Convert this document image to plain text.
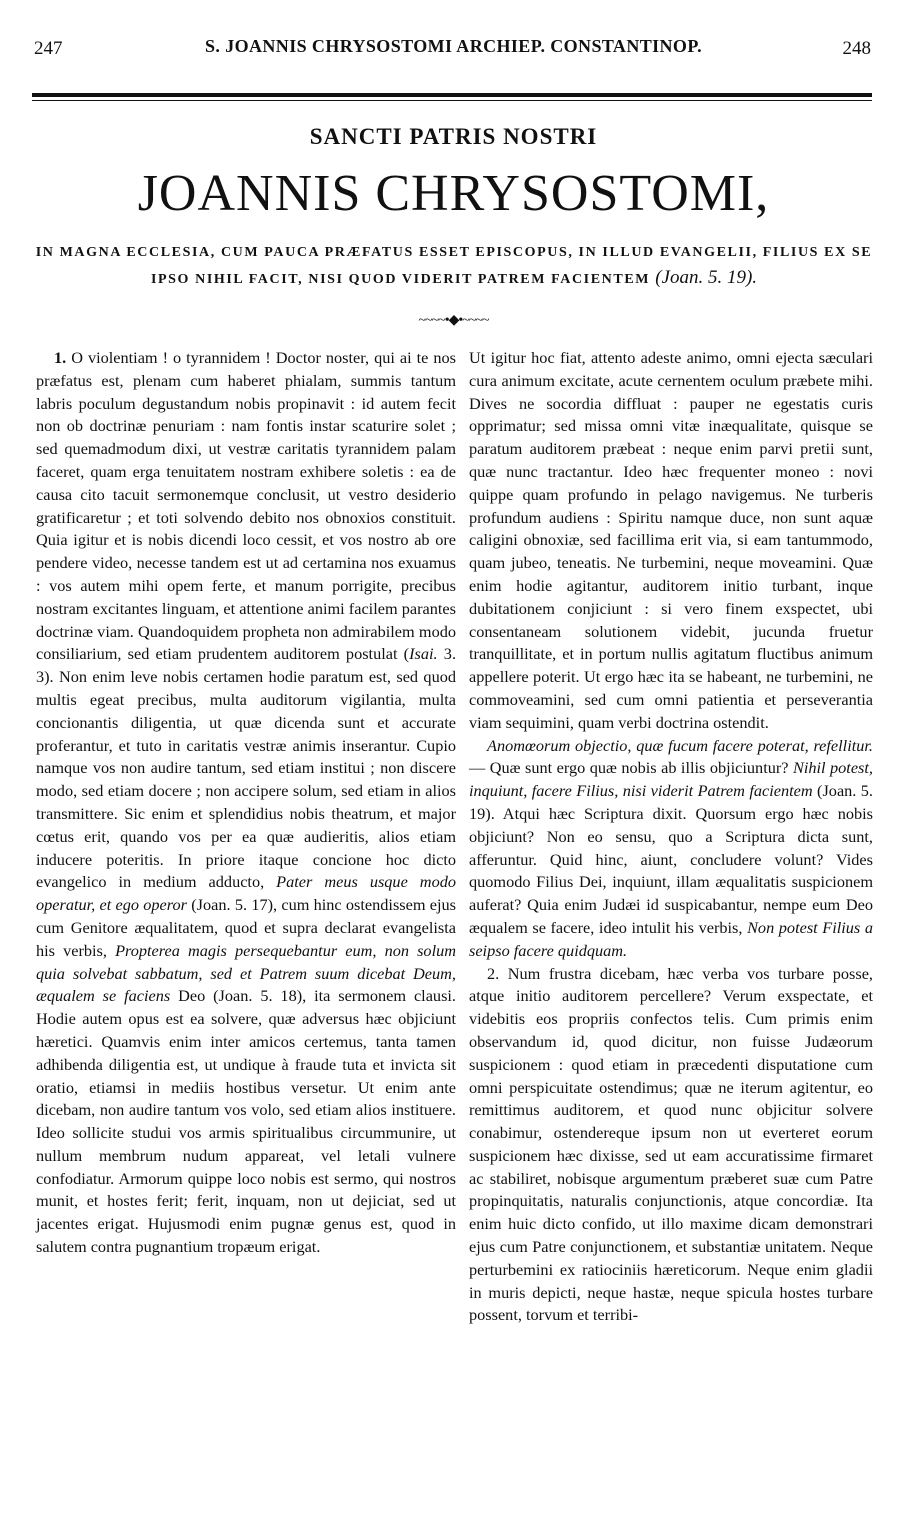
247	S. JOANNIS CHRYSOSTOMI ARCHIEP. CONSTANTINOP.	248
SANCTI PATRIS NOSTRI
JOANNIS CHRYSOSTOMI,
IN MAGNA ECCLESIA, CUM PAUCA PRÆFATUS ESSET EPISCOPUS, IN ILLUD EVANGELII, FILIUS EX SE IPSO NIHIL FACIT, NISI QUOD VIDERIT PATREM FACIENTEM (Joan. 5. 19).
~~~~•◆•~~~~

1. O violentiam ! o tyrannidem ! Doctor noster, qui ai te nos præfatus est, plenam cum haberet phialam, summis tantum labris poculum degustandum nobis propinavit : id autem fecit non ob doctrinæ penuriam : nam fontis instar scaturire solet ; sed quemadmodum dixi, ut vestræ caritatis tyrannidem palam faceret, quam erga tenuitatem nostram exhibere soletis : ea de causa cito tacuit sermonemque conclusit, ut vestro desiderio gratificaretur ; et toti solvendo debito nos obnoxios constituit. Quia igitur et is nobis dicendi loco cessit, et vos nostro ab ore pendere video, necesse tandem est ut ad certamina nos exuamus : vos autem mihi opem ferte, et manum porrigite, precibus nostram excitantes linguam, et attentione animi facilem parantes doctrinæ viam. Quandoquidem propheta non admirabilem modo consiliarium, sed etiam prudentem auditorem postulat (Isai. 3. 3). Non enim leve nobis certamen hodie paratum est, sed quod multis egeat precibus, multa auditorum vigilantia, multa concionantis diligentia, ut quæ dicenda sunt et accurate proferantur, et tuto in caritatis vestræ animis inserantur. Cupio namque vos non audire tantum, sed etiam institui ; non discere modo, sed etiam docere ; non accipere solum, sed etiam in alios transmittere. Sic enim et splendidius nobis theatrum, et major cœtus erit, quando vos per ea quæ audieritis, alios etiam inducere poteritis. In priore itaque concione hoc dicto evangelico in medium adducto, Pater meus usque modo operatur, et ego operor (Joan. 5. 17), cum hinc ostendissem ejus cum Genitore æqualitatem, quod et supra declarat evangelista his verbis, Propterea magis persequebantur eum, non solum quia solvebat sabbatum, sed et Patrem suum dicebat Deum, æqualem se faciens Deo (Joan. 5. 18), ita sermonem clausi. Hodie autem opus est ea solvere, quæ adversus hæc objiciunt hæretici. Quamvis enim inter amicos certemus, tanta tamen adhibenda diligentia est, ut undique à fraude tuta et invicta sit oratio, etiamsi in mediis hostibus versetur. Ut enim ante dicebam, non audire tantum vos volo, sed etiam alios instituere. Ideo sollicite studui vos armis spiritualibus circummunire, ut nullum membrum nudum appareat, vel letali vulnere confodiatur. Armorum quippe loco nobis est sermo, qui nostros munit, et hostes ferit; ferit, inquam, non ut dejiciat, sed ut jacentes erigat. Hujusmodi enim pugnæ genus est, quod in salutem contra pugnantium tropæum erigat.

Ut igitur hoc fiat, attento adeste animo, omni ejecta sæculari cura animum excitate, acute cernentem oculum præbete mihi. Dives ne socordia diffluat : pauper ne egestatis curis opprimatur; sed missa omni vitæ inæqualitate, quisque se paratum auditorem præbeat : neque enim parvi pretii sunt, quæ nunc tractantur. Ideo hæc frequenter moneo : novi quippe quam profundo in pelago navigemus. Ne turberis profundum audiens : Spiritu namque duce, non sunt aquæ caligini obnoxiæ, sed facillima erit via, si eam tantummodo, quam jubeo, teneatis. Ne turbemini, neque moveamini. Quæ enim hodie agitantur, auditorem initio turbant, inque dubitationem conjiciunt : si vero finem exspectet, ubi consentaneam solutionem videbit, jucunda fruetur tranquillitate, et in portum nullis agitatum fluctibus animum appellere poterit. Ut ergo hæc ita se habeant, ne turbemini, ne commoveamini, sed cum omni patientia et perseverantia viam sequimini, quam verbi doctrina ostendit.

Anomœorum objectio, quæ fucum facere poterat, refellitur. — Quæ sunt ergo quæ nobis ab illis objiciuntur? Nihil potest, inquiunt, facere Filius, nisi viderit Patrem facientem (Joan. 5. 19). Atqui hæc Scriptura dixit. Quorsum ergo hæc nobis objiciunt? Non eo sensu, quo a Scriptura dicta sunt, afferuntur. Quid hinc, aiunt, concludere volunt? Vides quomodo Filius Dei, inquiunt, illam æqualitatis suspicionem auferat? Quia enim Judæi id suspicabantur, nempe eum Deo æqualem se facere, ideo intulit his verbis, Non potest Filius a seipso facere quidquam.

2. Num frustra dicebam, hæc verba vos turbare posse, atque initio auditorem percellere? Verum exspectate, et videbitis eos propriis confectos telis. Cum primis enim observandum id, quod dicitur, non fuisse Judæorum suspicionem : quod etiam in præcedenti disputatione cum omni perspicuitate ostendimus; quæ ne iterum agitentur, eo remittimus auditorem, et quod nunc objicitur solvere conabimur, ostendereque ipsum non ut everteret eorum suspicionem hæc dixisse, sed ut eam accuratissime firmaret ac stabiliret, nobisque argumentum præberet suæ cum Patre propinquitatis, naturalis conjunctionis, atque concordiæ. Ita enim huic dicto confido, ut illo maxime dicam demonstrari ejus cum Patre conjunctionem, et substantiæ unitatem. Neque perturbemini ex ratiociniis hæreticorum. Neque enim gladii in muris depicti, neque hastæ, neque spicula hostes turbare possent, torvum et terribi-
